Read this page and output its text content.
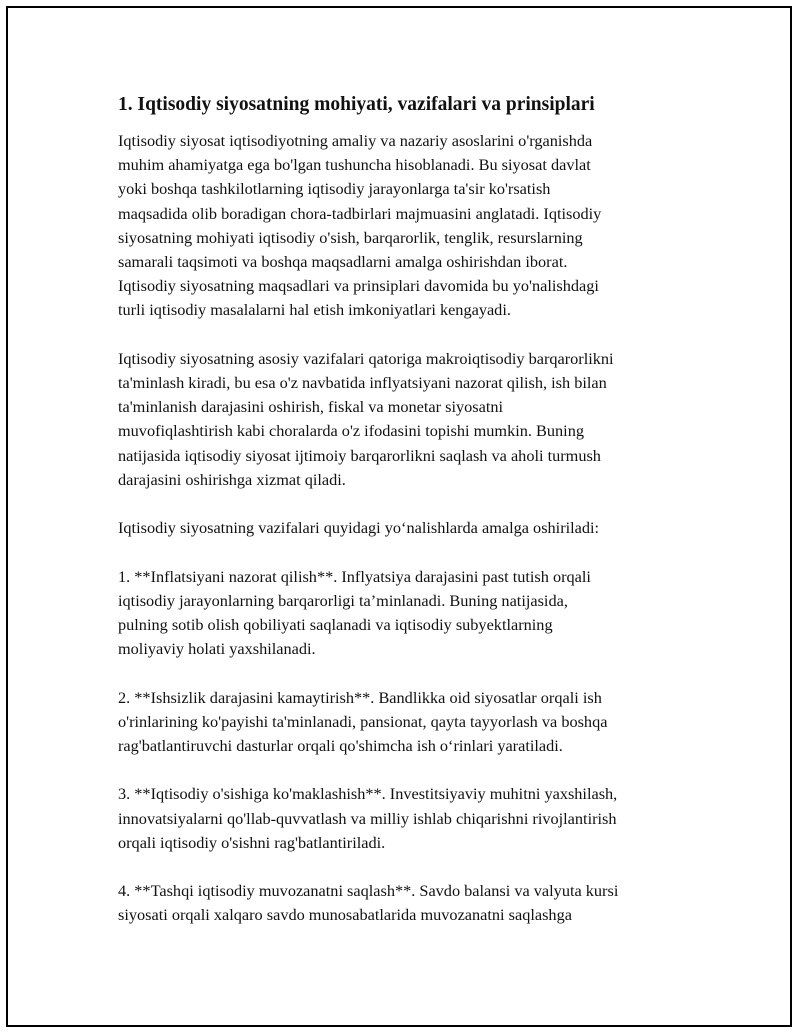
1. Iqtisodiy siyosatning mohiyati, vazifalari va prinsiplari

Iqtisodiy siyosat iqtisodiyotning amaliy va nazariy asoslarini o'rganishda
muhim ahamiyatga ega bo'lgan tushuncha hisoblanadi. Bu siyosat davlat
yoki boshqa tashkilotlarning iqtisodiy jarayonlarga ta'sir ko'rsatish
maqsadida olib boradigan chora-tadbirlari majmuasini anglatadi. Iqtisodiy
siyosatning mohiyati iqtisodiy o'sish, barqarorlik, tenglik, resurslarning
samarali taqsimoti va boshqa maqsadlarni amalga oshirishdan iborat.
Iqtisodiy siyosatning maqsadlari va prinsiplari davomida bu yo'nalishdagi
turli iqtisodiy masalalarni hal etish imkoniyatlari kengayadi.

Iqtisodiy siyosatning asosiy vazifalari qatoriga makroiqtisodiy barqarorlikni
ta'minlash kiradi, bu esa o'z navbatida inflyatsiyani nazorat qilish, ish bilan
ta'minlanish darajasini oshirish, fiskal va monetar siyosatni
muvofiqlashtirish kabi choralarda o'z ifodasini topishi mumkin. Buning
natijasida iqtisodiy siyosat ijtimoiy barqarorlikni saqlash va aholi turmush
darajasini oshirishga xizmat qiladi.

Iqtisodiy siyosatning vazifalari quyidagi yo‘nalishlarda amalga oshiriladi:

1. **Inflatsiyani nazorat qilish**. Inflyatsiya darajasini past tutish orqali
iqtisodiy jarayonlarning barqarorligi ta’minlanadi. Buning natijasida,
pulning sotib olish qobiliyati saqlanadi va iqtisodiy subyektlarning
moliyaviy holati yaxshilanadi.

2. **Ishsizlik darajasini kamaytirish**. Bandlikka oid siyosatlar orqali ish
o'rinlarining ko'payishi ta'minlanadi, pansionat, qayta tayyorlash va boshqa
rag'batlantiruvchi dasturlar orqali qo'shimcha ish o‘rinlari yaratiladi.

3. **Iqtisodiy o'sishiga ko'maklashish**. Investitsiyaviy muhitni yaxshilash,
innovatsiyalarni qo'llab-quvvatlash va milliy ishlab chiqarishni rivojlantirish
orqali iqtisodiy o'sishni rag'batlantiriladi.

4. **Tashqi iqtisodiy muvozanatni saqlash**. Savdo balansi va valyuta kursi
siyosati orqali xalqaro savdo munosabatlarida muvozanatni saqlashga
